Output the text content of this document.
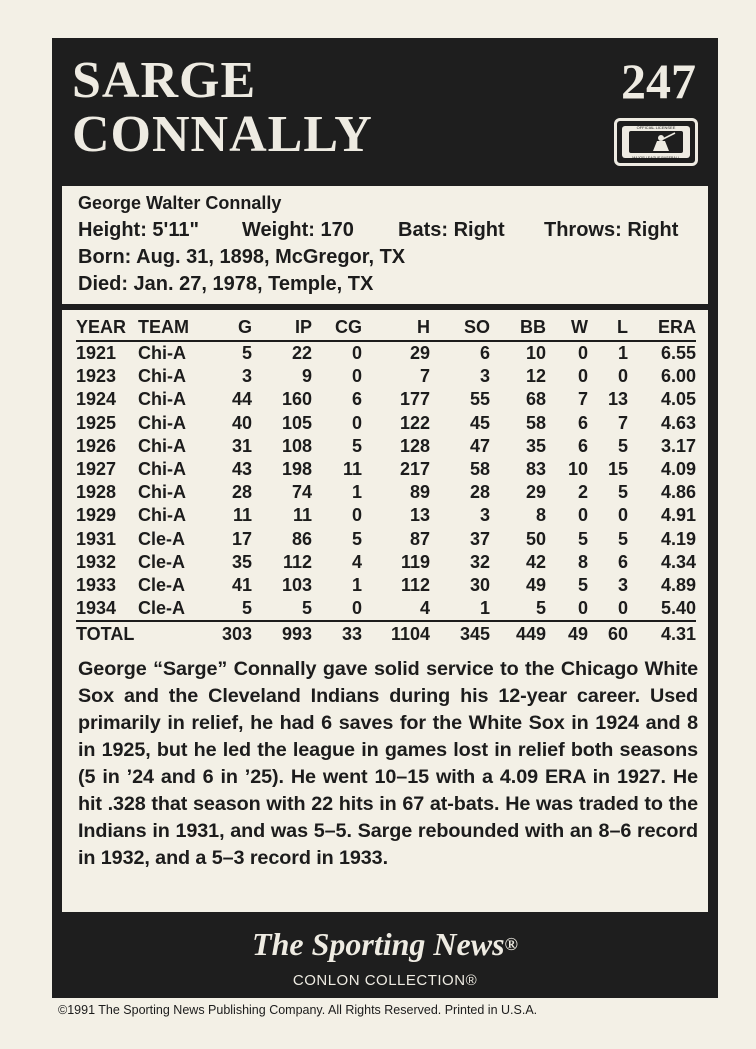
SARGE
CONNALLY
247
OFFICIAL LICENSEE
MAJOR LEAGUE BASEBALL
George Walter Connally
Height: 5'11" Weight: 170 Bats: Right Throws: Right
Born: Aug. 31, 1898, McGregor, TX
Died: Jan. 27, 1978, Temple, TX
YEAR	TEAM	G	IP	CG	H	SO	BB	W	L	ERA
1921	Chi-A	5	22	0	29	6	10	0	1	6.55
1923	Chi-A	3	9	0	7	3	12	0	0	6.00
1924	Chi-A	44	160	6	177	55	68	7	13	4.05
1925	Chi-A	40	105	0	122	45	58	6	7	4.63
1926	Chi-A	31	108	5	128	47	35	6	5	3.17
1927	Chi-A	43	198	11	217	58	83	10	15	4.09
1928	Chi-A	28	74	1	89	28	29	2	5	4.86
1929	Chi-A	11	11	0	13	3	8	0	0	4.91
1931	Cle-A	17	86	5	87	37	50	5	5	4.19
1932	Cle-A	35	112	4	119	32	42	8	6	4.34
1933	Cle-A	41	103	1	112	30	49	5	3	4.89
1934	Cle-A	5	5	0	4	1	5	0	0	5.40
TOTAL		303	993	33	1104	345	449	49	60	4.31
George “Sarge” Connally gave solid service to the Chicago White Sox and the Cleveland Indians during his 12-year career. Used primarily in relief, he had 6 saves for the White Sox in 1924 and 8 in 1925, but he led the league in games lost in relief both seasons (5 in ’24 and 6 in ’25). He went 10–15 with a 4.09 ERA in 1927. He hit .328 that season with 22 hits in 67 at-bats. He was traded to the Indians in 1931, and was 5–5. Sarge rebounded with an 8–6 record in 1932, and a 5–3 record in 1933.
The Sporting News®
CONLON COLLECTION®
©1991 The Sporting News Publishing Company. All Rights Reserved. Printed in U.S.A.
